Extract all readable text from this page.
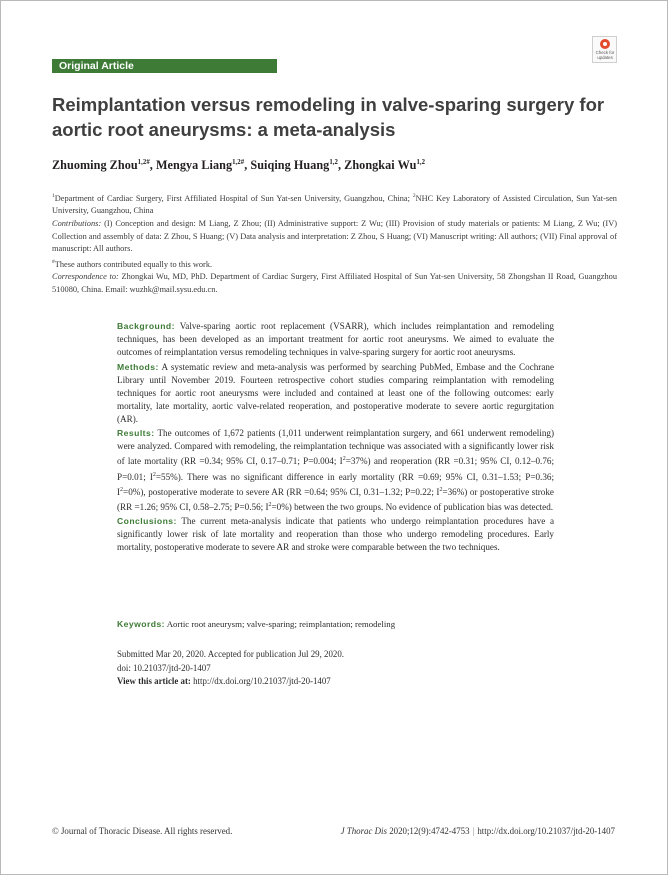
Original Article
Check for updates
Reimplantation versus remodeling in valve-sparing surgery for aortic root aneurysms: a meta-analysis

Zhuoming Zhou$^{1,2\#}$, Mengya Liang$^{1,2\#}$, Suiqing Huang$^{1,2}$, Zhongkai Wu$^{1,2}$

$^1$Department of Cardiac Surgery, First Affiliated Hospital of Sun Yat-sen University, Guangzhou, China; $^2$NHC Key Laboratory of Assisted Circulation, Sun Yat-sen University, Guangzhou, China

Contributions: (I) Conception and design: M Liang, Z Zhou; (II) Administrative support: Z Wu; (III) Provision of study materials or patients: M Liang, Z Wu; (IV) Collection and assembly of data: Z Zhou, S Huang; (V) Data analysis and interpretation: Z Zhou, S Huang; (VI) Manuscript writing: All authors; (VII) Final approval of manuscript: All authors.

#These authors contributed equally to this work.

Correspondence to: Zhongkai Wu, MD, PhD. Department of Cardiac Surgery, First Affiliated Hospital of Sun Yat-sen University, 58 Zhongshan II Road, Guangzhou 510080, China. Email: wuzhk@mail.sysu.edu.cn.

Background: Valve-sparing aortic root replacement (VSARR), which includes reimplantation and remodeling techniques, has been developed as an important treatment for aortic root aneurysms. We aimed to evaluate the outcomes of reimplantation versus remodeling techniques in valve-sparing surgery for aortic root aneurysms.

Methods: A systematic review and meta-analysis was performed by searching PubMed, Embase and the Cochrane Library until November 2019. Fourteen retrospective cohort studies comparing reimplantation with remodeling techniques for aortic root aneurysms were included and contained at least one of the following outcomes: early mortality, late mortality, aortic valve-related reoperation, and postoperative moderate to severe aortic regurgitation (AR).

Results: The outcomes of 1,672 patients (1,011 underwent reimplantation surgery, and 661 underwent remodeling) were analyzed. Compared with remodeling, the reimplantation technique was associated with a significantly lower risk of late mortality (RR =0.34; 95% CI, 0.17–0.71; P=0.004; $I^2=37\%$) and reoperation (RR =0.31; 95% CI, 0.12–0.76; P=0.01; $I^2=55\%$). There was no significant difference in early mortality (RR =0.69; 95% CI, 0.31–1.53; P=0.36; $I^2=0\%$), postoperative moderate to severe AR (RR =0.64; 95% CI, 0.31–1.32; P=0.22; $I^2=36\%$) or postoperative stroke (RR =1.26; 95% CI, 0.58–2.75; P=0.56; $I^2=0\%$) between the two groups. No evidence of publication bias was detected.

Conclusions: The current meta-analysis indicate that patients who undergo reimplantation procedures have a significantly lower risk of late mortality and reoperation than those who undergo remodeling procedures. Early mortality, postoperative moderate to severe AR and stroke were comparable between the two techniques.

Keywords: Aortic root aneurysm; valve-sparing; reimplantation; remodeling
Submitted Mar 20, 2020. Accepted for publication Jul 29, 2020.
doi: 10.21037/jtd-20-1407
View this article at: http://dx.doi.org/10.21037/jtd-20-1407
© Journal of Thoracic Disease. All rights reserved.	J Thorac Dis 2020;12(9):4742-4753 | http://dx.doi.org/10.21037/jtd-20-1407
